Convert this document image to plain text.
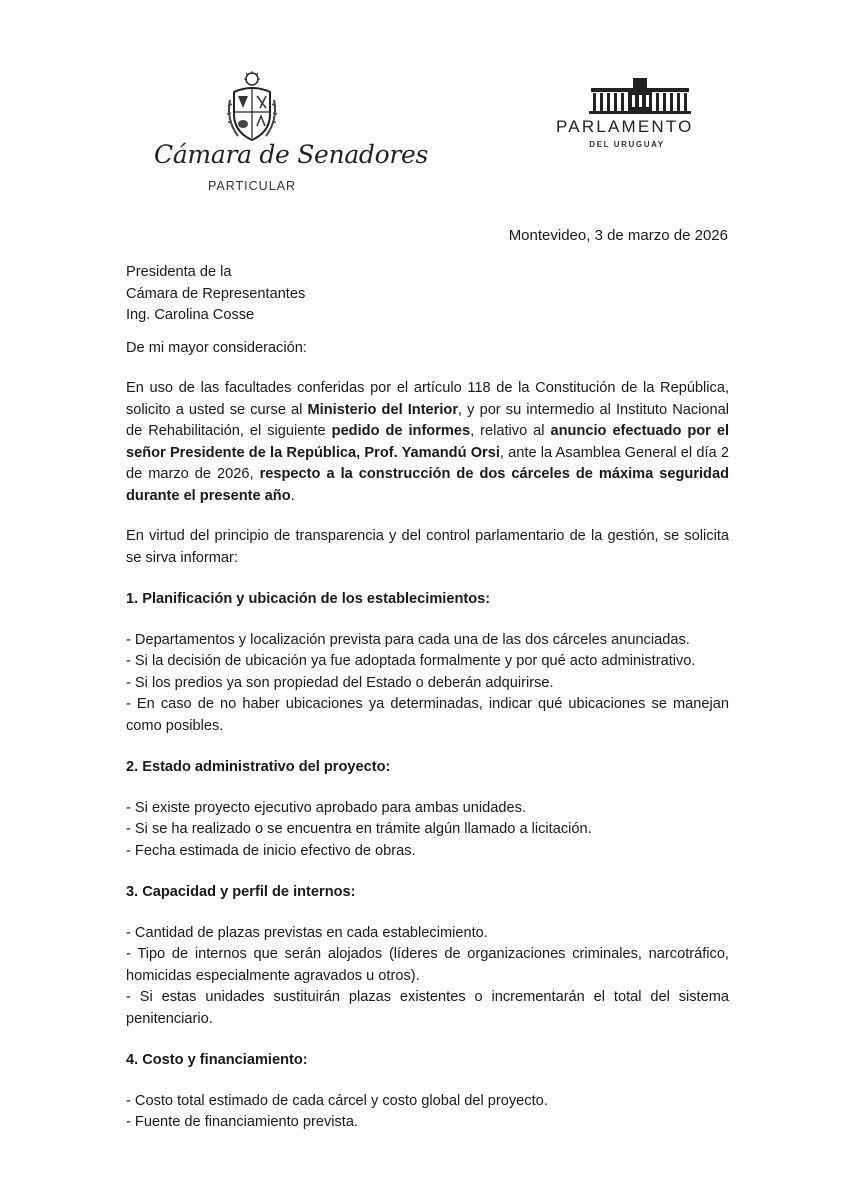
Cámara de Senadores
PARTICULAR
PARLAMENTO
DEL URUGUAY
Montevideo, 3 de marzo de 2026

Presidenta de la

Cámara de Representantes

Ing. Carolina Cosse

De mi mayor consideración:

En uso de las facultades conferidas por el artículo 118 de la Constitución de la República, solicito a usted se curse al Ministerio del Interior, y por su intermedio al Instituto Nacional de Rehabilitación, el siguiente pedido de informes, relativo al anuncio efectuado por el señor Presidente de la República, Prof. Yamandú Orsi, ante la Asamblea General el día 2 de marzo de 2026, respecto a la construcción de dos cárceles de máxima seguridad durante el presente año.

En virtud del principio de transparencia y del control parlamentario de la gestión, se solicita se sirva informar:

1. Planificación y ubicación de los establecimientos:

- Departamentos y localización prevista para cada una de las dos cárceles anunciadas.

- Si la decisión de ubicación ya fue adoptada formalmente y por qué acto administrativo.

- Si los predios ya son propiedad del Estado o deberán adquirirse.

- En caso de no haber ubicaciones ya determinadas, indicar qué ubicaciones se manejan como posibles.

2. Estado administrativo del proyecto:

- Si existe proyecto ejecutivo aprobado para ambas unidades.

- Si se ha realizado o se encuentra en trámite algún llamado a licitación.

- Fecha estimada de inicio efectivo de obras.

3. Capacidad y perfil de internos:

- Cantidad de plazas previstas en cada establecimiento.

- Tipo de internos que serán alojados (líderes de organizaciones criminales, narcotráfico, homicidas especialmente agravados u otros).

- Si estas unidades sustituirán plazas existentes o incrementarán el total del sistema penitenciario.

4. Costo y financiamiento:

- Costo total estimado de cada cárcel y costo global del proyecto.

- Fuente de financiamiento prevista.
